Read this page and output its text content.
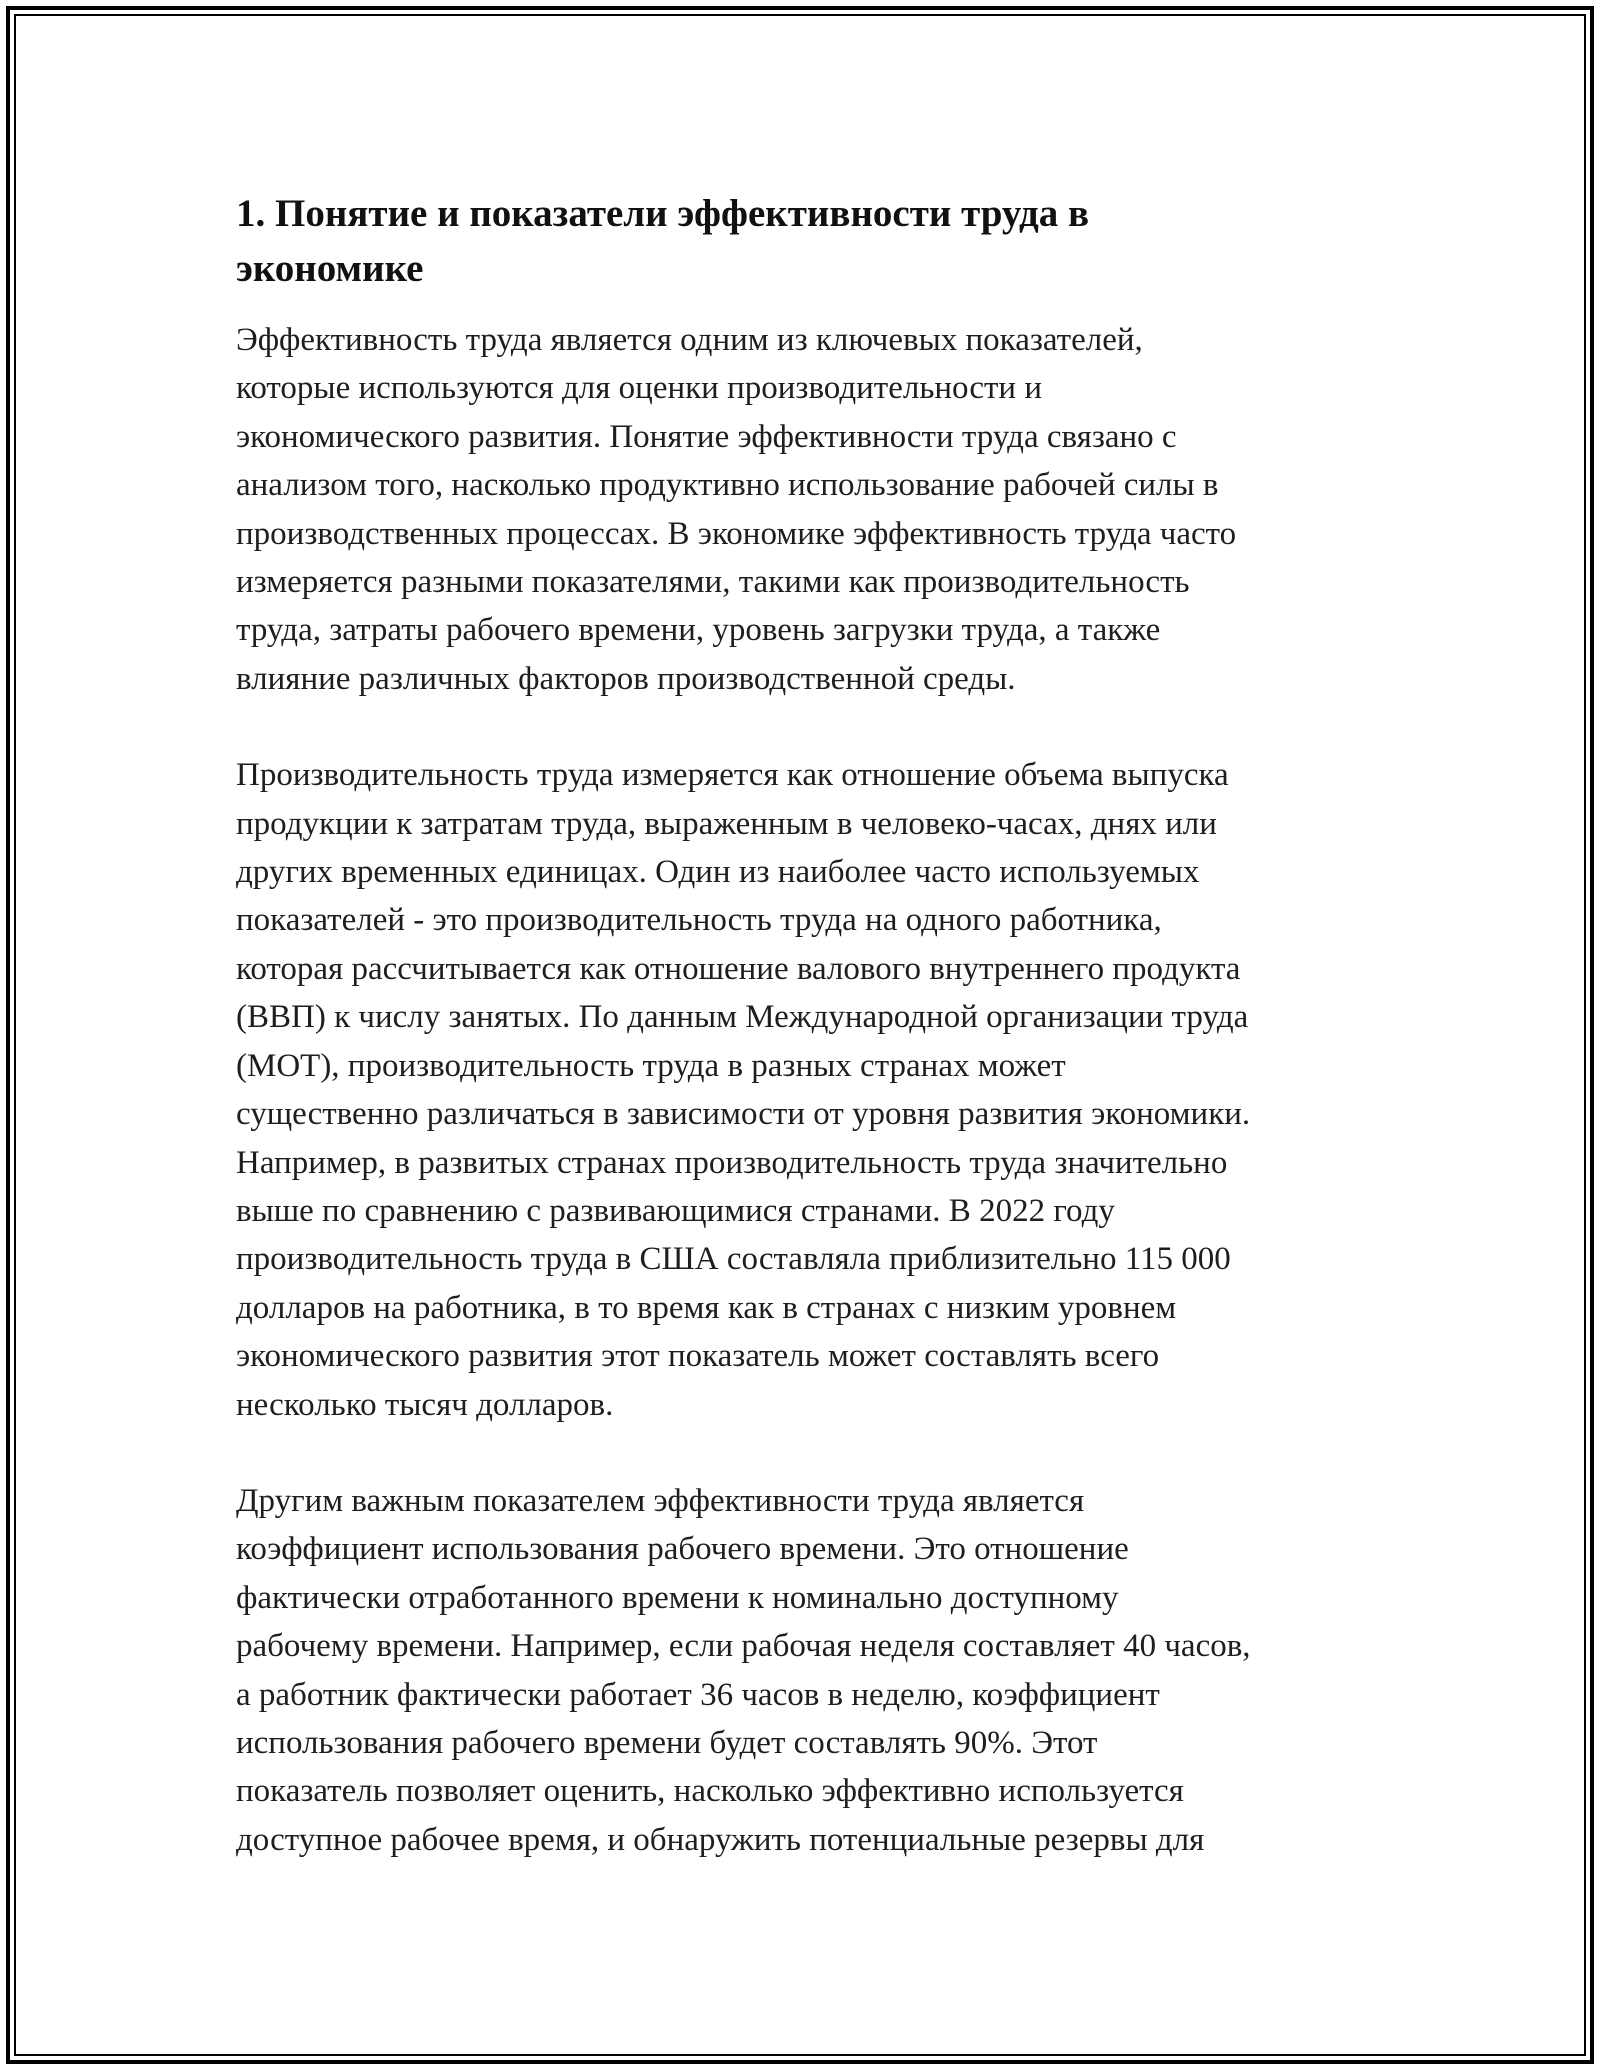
1. Понятие и показатели эффективности труда в
экономике
Эффективность труда является одним из ключевых показателей,
которые используются для оценки производительности и
экономического развития. Понятие эффективности труда связано с
анализом того, насколько продуктивно использование рабочей силы в
производственных процессах. В экономике эффективность труда часто
измеряется разными показателями, такими как производительность
труда, затраты рабочего времени, уровень загрузки труда, а также
влияние различных факторов производственной среды.
Производительность труда измеряется как отношение объема выпуска
продукции к затратам труда, выраженным в человеко-часах, днях или
других временных единицах. Один из наиболее часто используемых
показателей - это производительность труда на одного работника,
которая рассчитывается как отношение валового внутреннего продукта
(ВВП) к числу занятых. По данным Международной организации труда
(МОТ), производительность труда в разных странах может
существенно различаться в зависимости от уровня развития экономики.
Например, в развитых странах производительность труда значительно
выше по сравнению с развивающимися странами. В 2022 году
производительность труда в США составляла приблизительно 115 000
долларов на работника, в то время как в странах с низким уровнем
экономического развития этот показатель может составлять всего
несколько тысяч долларов.
Другим важным показателем эффективности труда является
коэффициент использования рабочего времени. Это отношение
фактически отработанного времени к номинально доступному
рабочему времени. Например, если рабочая неделя составляет 40 часов,
а работник фактически работает 36 часов в неделю, коэффициент
использования рабочего времени будет составлять 90%. Этот
показатель позволяет оценить, насколько эффективно используется
доступное рабочее время, и обнаружить потенциальные резервы для
